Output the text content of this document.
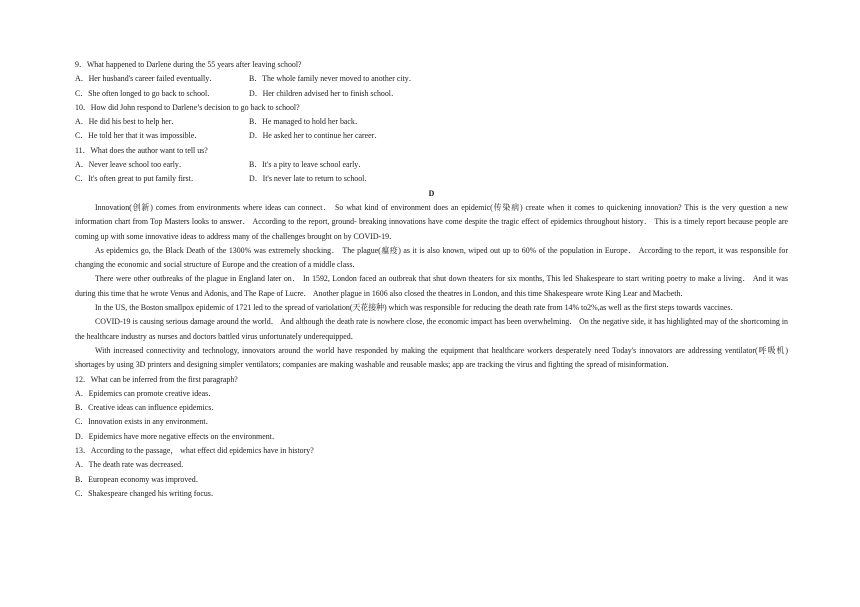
9．What happened to Darlene during the 55 years after leaving school?
A．Her husband's career failed eventually．	B．The whole family never moved to another city．
C．She often longed to go back to school．	D．Her children advised her to finish school．
10．How did John respond to Darlene’s decision to go back to school?
A．He did his best to help her．	B．He managed to hold her back．
C．He told her that it was impossible．	D．He asked her to continue her career．
11．What does the author want to tell us?
A．Never leave school too early．	B．It's a pity to leave school early．
C．It's often great to put family first．	D．It's never late to return to school．
D
Innovation(创新) comes from environments where ideas can connect． So what kind of environment does an epidemic(传染病) create when it comes to quickening innovation? This is the very question a new information chart from Top Masters looks to answer． According to the report, ground- breaking innovations have come despite the tragic effect of epidemics throughout history． This is a timely report because people are coming up with some innovative ideas to address many of the challenges brought on by COVID-19．
As epidemics go, the Black Death of the 1300% was extremely shocking． The plague(瘟疫) as it is also known, wiped out up to 60% of the population in Europe． According to the report, it was responsible for changing the economic and social structure of Europe and the creation of a middle class．
There were other outbreaks of the plague in England later on． In 1592, London faced an outbreak that shut down theaters for six months, This led Shakespeare to start writing poetry to make a living． And it was during this time that he wrote Venus and Adonis, and The Rape of Lucre． Another plague in 1606 also closed the theatres in London, and this time Shakespeare wrote King Lear and Macbeth．
In the US, the Boston smallpox epidemic of 1721 led to the spread of variolation(天花接种) which was responsible for reducing the death rate from 14% to2%,as well as the first steps towards vaccines．
COVID-19 is causing serious damage around the world． And although the death rate is nowhere close, the economic impact has been overwhelming． On the negative side, it has highlighted may of the shortcoming in the healthcare industry as nurses and doctors battled virus unfortunately underequipped．
With increased connectivity and technology, innovators around the world have responded by making the equipment that healthcare workers desperately need Today's innovators are addressing ventilator(呼吸机) shortages by using 3D printers and designing simpler ventilators; companies are making washable and reusable masks; app are tracking the virus and fighting the spread of misinformation．
12．What can be inferred from the first paragraph?
A．Epidemics can promote creative ideas．
B．Creative ideas can influence epidemics．
C．Innovation exists in any environment．
D．Epidemics have more negative effects on the environment．
13．According to the passage， what effect did epidemics have in history?
A．The death rate was decreased．
B．European economy was improved．
C．Shakespeare changed his writing focus．
